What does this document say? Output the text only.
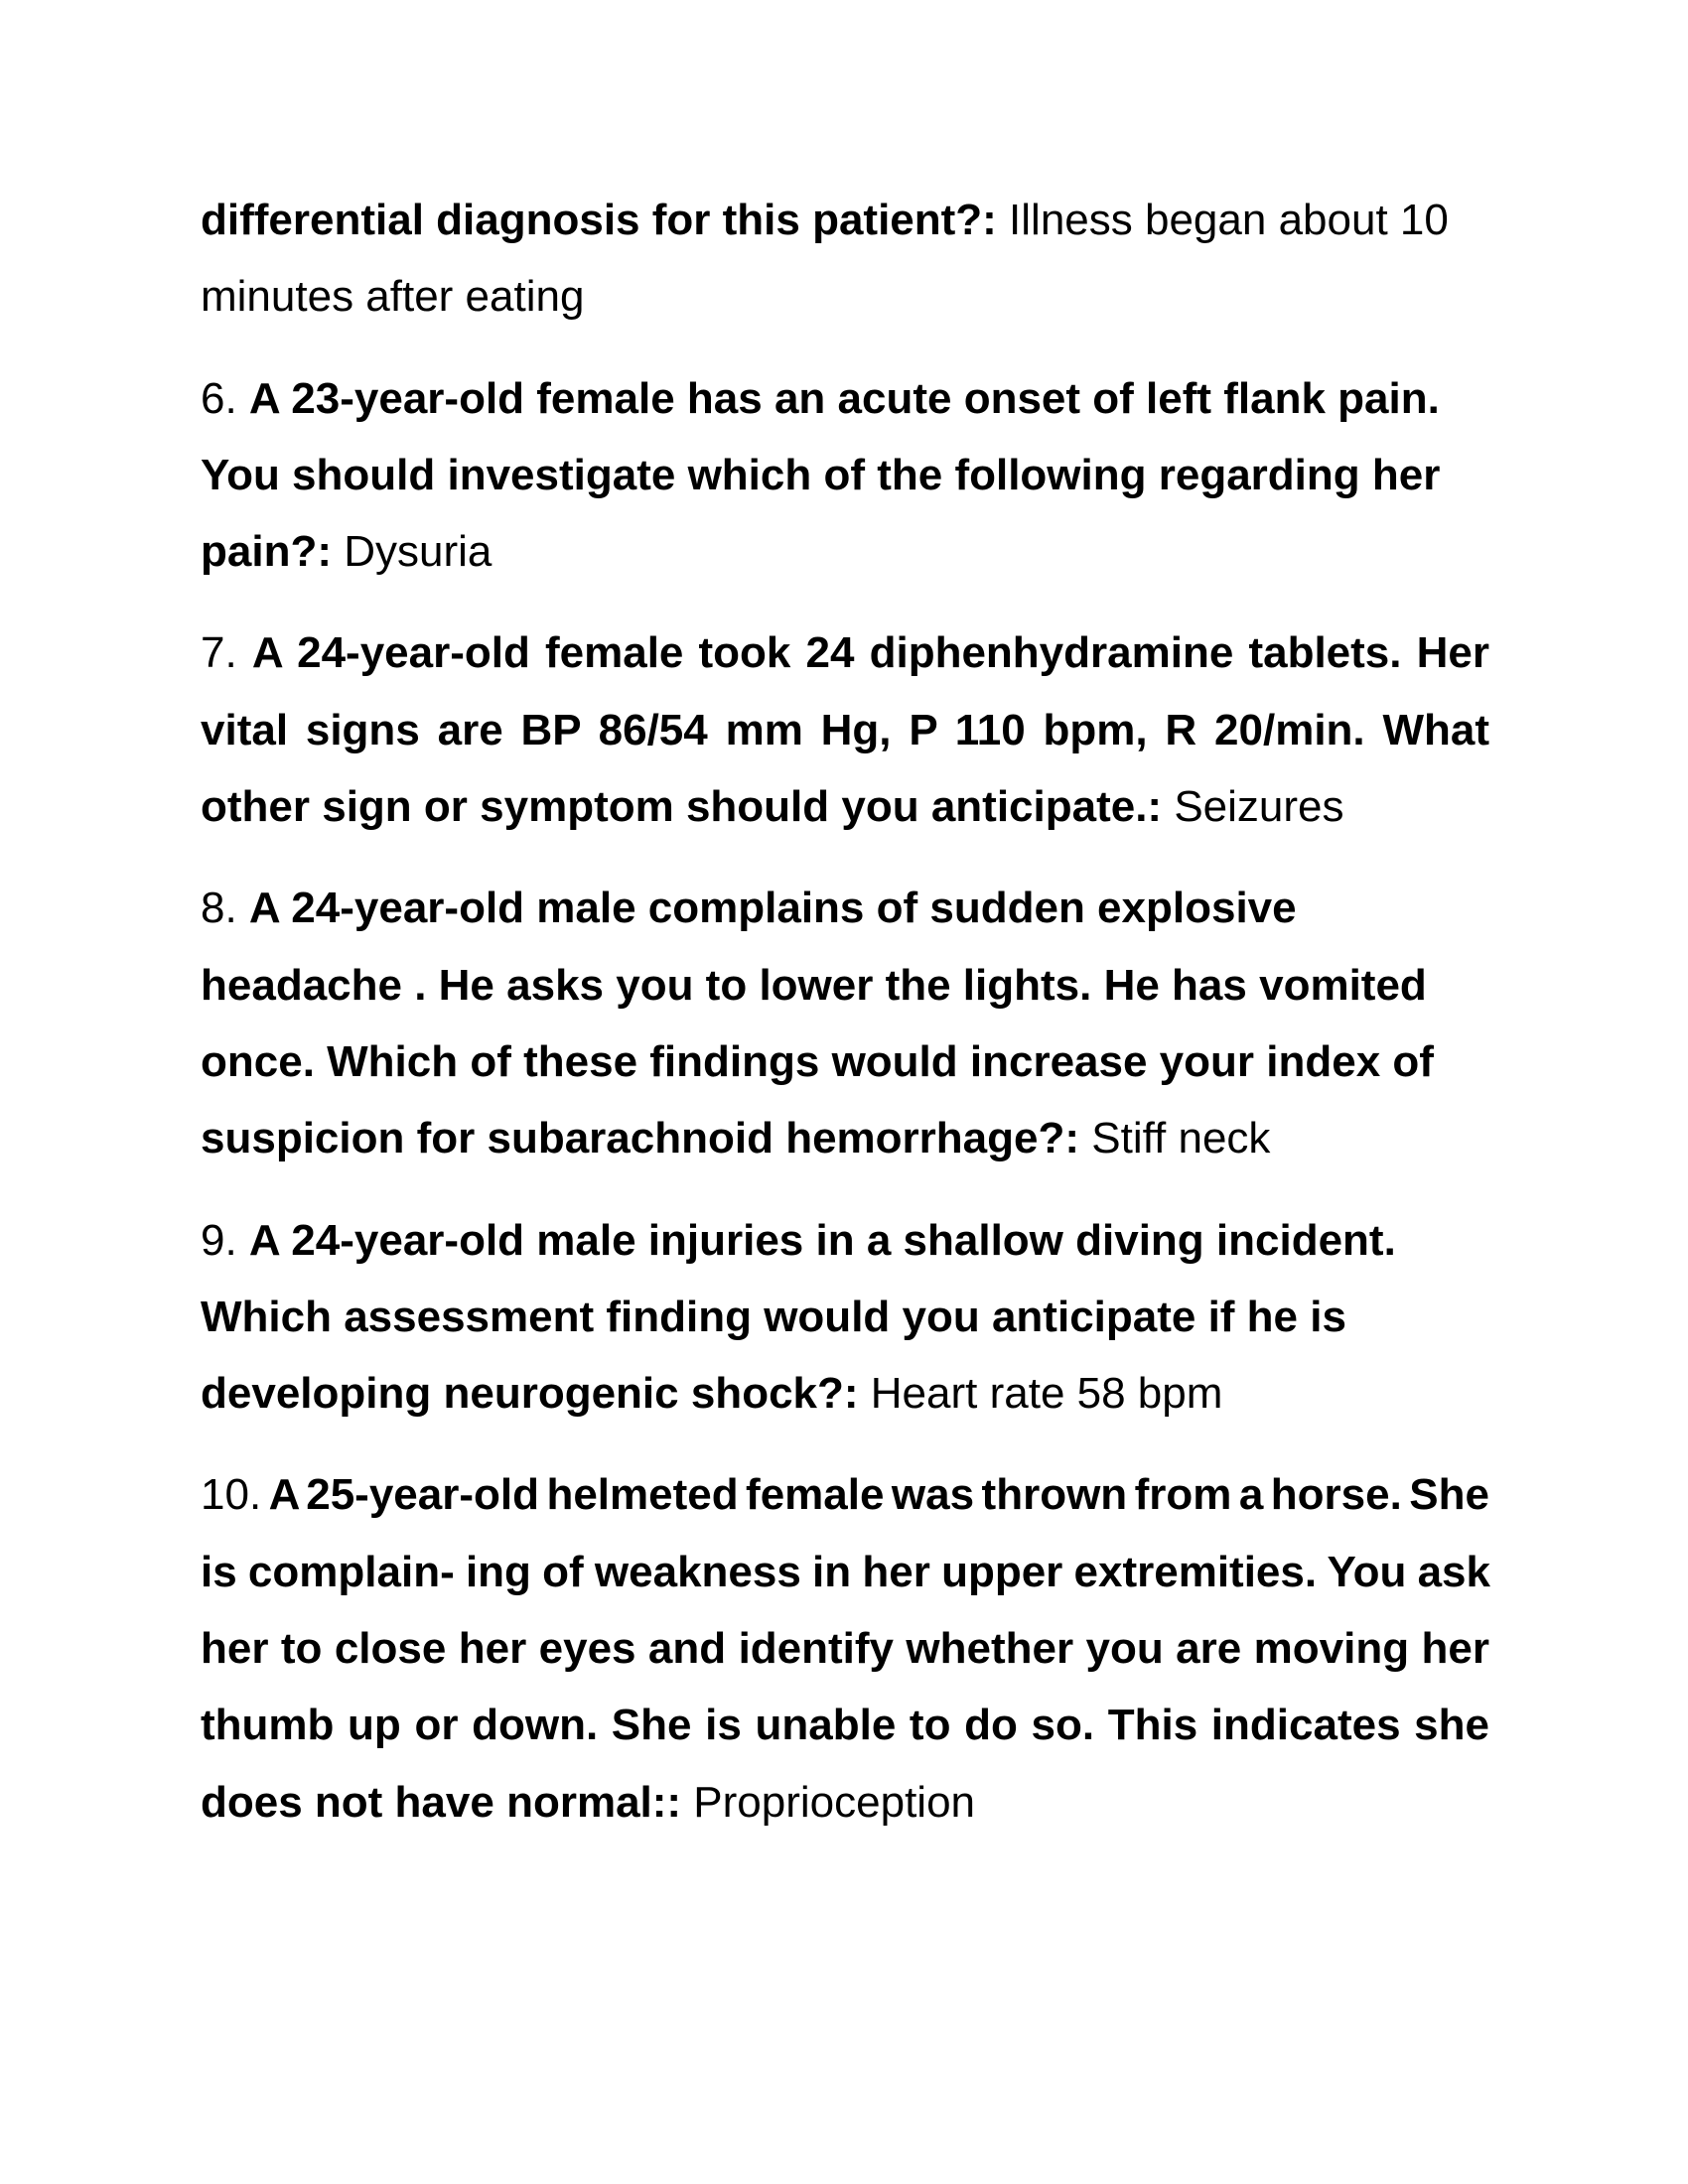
differential diagnosis for this patient?: Illness began about 10
minutes after eating
6. A 23-year-old female has an acute onset of left flank pain.
You should investigate which of the following regarding her
pain?: Dysuria
7. A 24-year-old female took 24 diphenhydramine tablets. Her
vital signs are BP 86/54 mm Hg, P 110 bpm, R 20/min. What
other sign or symptom should you anticipate.: Seizures
8. A 24-year-old male complains of sudden explosive
headache . He asks you to lower the lights. He has vomited
once. Which of these findings would increase your index of
suspicion for subarachnoid hemorrhage?: Stiff neck
9. A 24-year-old male injuries in a shallow diving incident.
Which assessment finding would you anticipate if he is
developing neurogenic shock?: Heart rate 58 bpm
10. A 25-year-old helmeted female was thrown from a horse. She
is complain- ing of weakness in her upper extremities. You ask
her to close her eyes and identify whether you are moving her
thumb up or down. She is unable to do so. This indicates she
does not have normal:: Proprioception
